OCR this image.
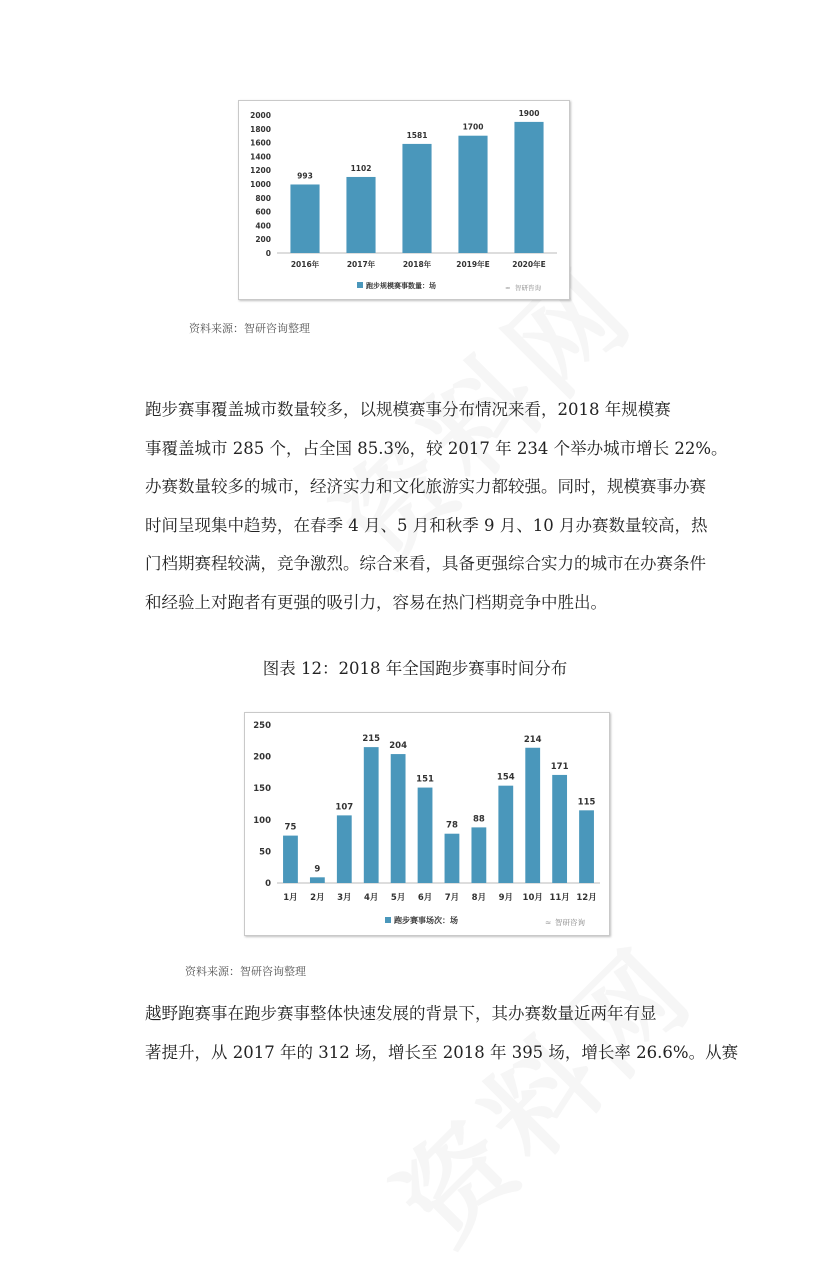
0
200
400
600
800
1000
1200
1400
1600
1800
2000
993
2016年
1102
2017年
1581
2018年
1700
2019年E
1900
2020年E
跑步规模赛事数量：场	≈ 智研咨询
资料来源：智研咨询整理
跑步赛事覆盖城市数量较多，以规模赛事分布情况来看，2018 年规模赛
事覆盖城市 285 个，占全国 85.3%，较 2017 年 234 个举办城市增长 22%。
办赛数量较多的城市，经济实力和文化旅游实力都较强。同时，规模赛事办赛
时间呈现集中趋势，在春季 4 月、5 月和秋季 9 月、10 月办赛数量较高，热
门档期赛程较满，竞争激烈。综合来看，具备更强综合实力的城市在办赛条件
和经验上对跑者有更强的吸引力，容易在热门档期竞争中胜出。
图表 12：2018 年全国跑步赛事时间分布
0
50
100
150
200
250
75
1月
9
2月
107
3月
215
4月
204
5月
151
6月
78
7月
88
8月
154
9月
214
10月
171
11月
115
12月
跑步赛事场次：场	≈ 智研咨询
资料来源：智研咨询整理
越野跑赛事在跑步赛事整体快速发展的背景下，其办赛数量近两年有显
著提升，从 2017 年的 312 场，增长至 2018 年 395 场，增长率 26.6%。从赛
